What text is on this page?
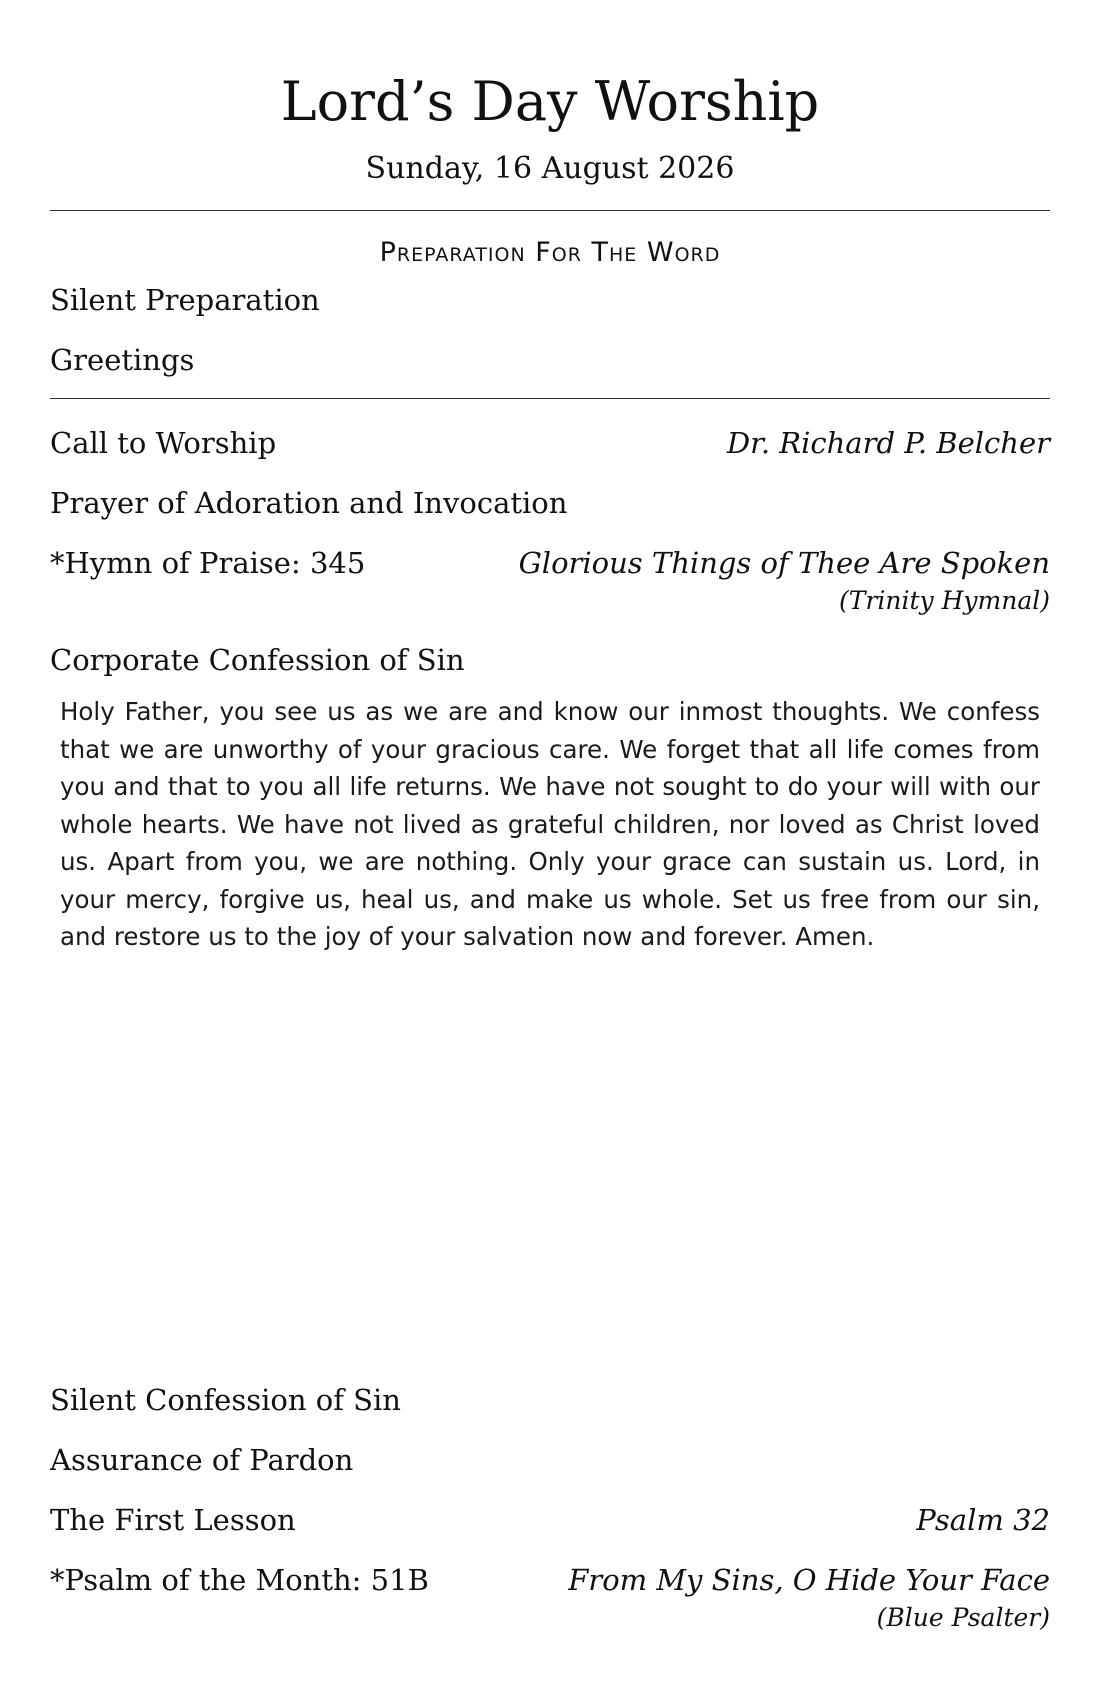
Lord’s Day Worship
Sunday, 16 August 2026
Preparation For The Word
Silent Preparation
Greetings
Call to Worship	Dr. Richard P. Belcher
Prayer of Adoration and Invocation
*Hymn of Praise: 345	Glorious Things of Thee Are Spoken
(Trinity Hymnal)
Corporate Confession of Sin
Holy Father, you see us as we are and know our inmost thoughts. We confess that we are unworthy of your gracious care. We forget that all life comes from you and that to you all life returns. We have not sought to do your will with our whole hearts. We have not lived as grateful children, nor loved as Christ loved us. Apart from you, we are nothing. Only your grace can sustain us. Lord, in your mercy, forgive us, heal us, and make us whole. Set us free from our sin, and restore us to the joy of your salvation now and forever. Amen.
Silent Confession of Sin
Assurance of Pardon
The First Lesson	Psalm 32
*Psalm of the Month: 51B	From My Sins, O Hide Your Face
(Blue Psalter)
